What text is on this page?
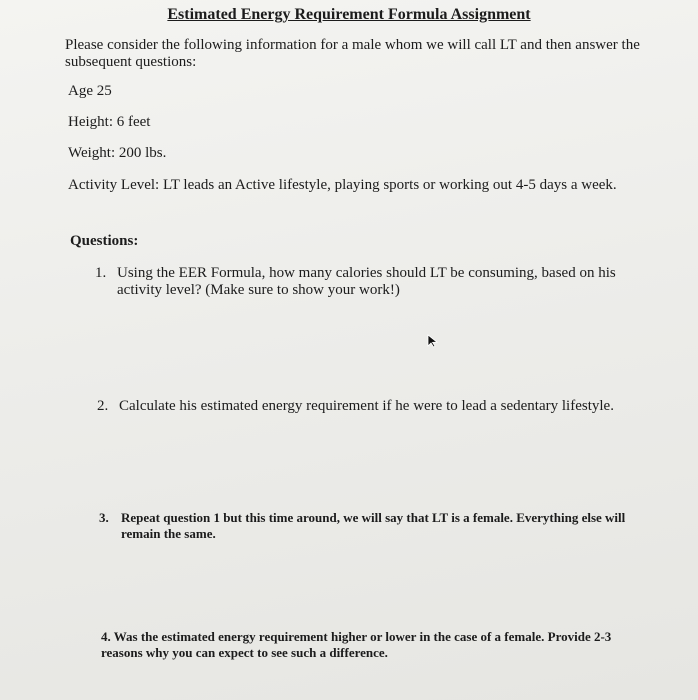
Estimated Energy Requirement Formula Assignment

Please consider the following information for a male whom we will call LT and then answer the subsequent questions:

Age 25

Height: 6 feet

Weight: 200 lbs.

Activity Level: LT leads an Active lifestyle, playing sports or working out 4-5 days a week.

Questions:

1. Using the EER Formula, how many calories should LT be consuming, based on his activity level? (Make sure to show your work!)
2. Calculate his estimated energy requirement if he were to lead a sedentary lifestyle.
3. Repeat question 1 but this time around, we will say that LT is a female. Everything else will remain the same.
4. Was the estimated energy requirement higher or lower in the case of a female. Provide 2-3 reasons why you can expect to see such a difference.
